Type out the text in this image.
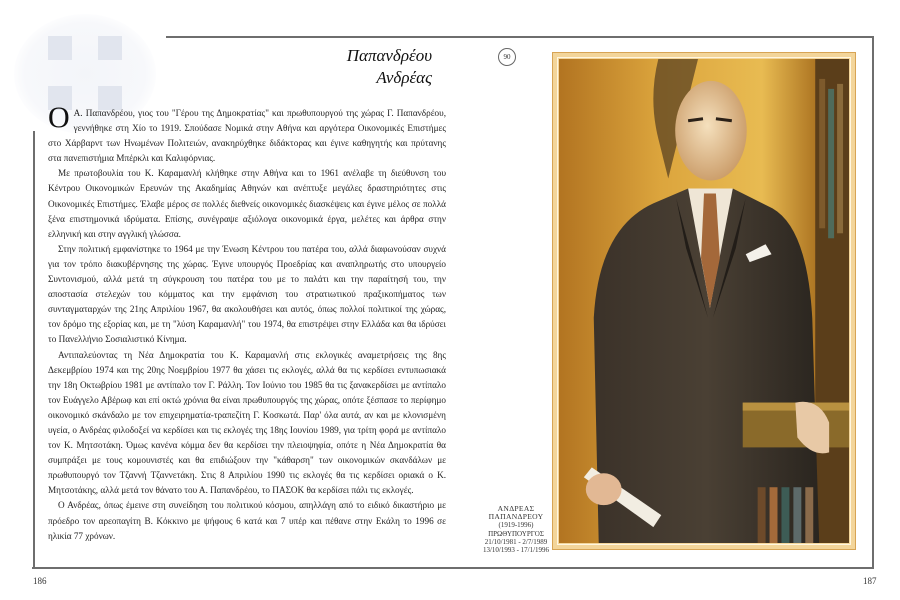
Παπανδρέου
Ανδρέας

Ο Α. Παπανδρέου, γιος του "Γέρου της Δημοκρατίας" και πρωθυπουργού της χώρας Γ. Παπανδρέου, γεννήθηκε στη Χίο το 1919. Σπούδασε Νομικά στην Αθήνα και αργότερα Οικονομικές Επιστήμες στο Χάρβαρντ των Ηνωμένων Πολιτειών, ανακηρύχθηκε διδάκτορας και έγινε καθηγητής και πρύτανης στα πανεπιστήμια Μπέρκλι και Καλιφόρνιας.

Με πρωτοβουλία του Κ. Καραμανλή κλήθηκε στην Αθήνα και το 1961 ανέλαβε τη διεύθυνση του Κέντρου Οικονομικών Ερευνών της Ακαδημίας Αθηνών και ανέπτυξε μεγάλες δραστηριότητες στις Οικονομικές Επιστήμες. Έλαβε μέρος σε πολλές διεθνείς οικονομικές διασκέψεις και έγινε μέλος σε πολλά ξένα επιστημονικά ιδρύματα. Επίσης, συνέγραψε αξιόλογα οικονομικά έργα, μελέτες και άρθρα στην ελληνική και στην αγγλική γλώσσα.

Στην πολιτική εμφανίστηκε το 1964 με την Ένωση Κέντρου του πατέρα του, αλλά διαφωνούσαν συχνά για τον τρόπο διακυβέρνησης της χώρας. Έγινε υπουργός Προεδρίας και αναπληρωτής στο υπουργείο Συντονισμού, αλλά μετά τη σύγκρουση του πατέρα του με το παλάτι και την παραίτησή του, την αποστασία στελεχών του κόμματος και την εμφάνιση του στρατιωτικού πραξικοπήματος των συνταγματαρχών της 21ης Απριλίου 1967, θα ακολουθήσει και αυτός, όπως πολλοί πολιτικοί της χώρας, τον δρόμο της εξορίας και, με τη "λύση Καραμανλή" του 1974, θα επιστρέψει στην Ελλάδα και θα ιδρύσει το Πανελλήνιο Σοσιαλιστικό Κίνημα.

Αντιπαλεύοντας τη Νέα Δημοκρατία του Κ. Καραμανλή στις εκλογικές αναμετρήσεις της 8ης Δεκεμβρίου 1974 και της 20ης Νοεμβρίου 1977 θα χάσει τις εκλογές, αλλά θα τις κερδίσει εντυπωσιακά την 18η Οκτωβρίου 1981 με αντίπαλο τον Γ. Ράλλη. Τον Ιούνιο του 1985 θα τις ξανακερδίσει με αντίπαλο τον Ευάγγελο Αβέρωφ και επί οκτώ χρόνια θα είναι πρωθυπουργός της χώρας, οπότε ξέσπασε το περίφημο οικονομικό σκάνδαλο με τον επιχειρηματία-τραπεζίτη Γ. Κοσκωτά. Παρ' όλα αυτά, αν και με κλονισμένη υγεία, ο Ανδρέας φιλοδοξεί να κερδίσει και τις εκλογές της 18ης Ιουνίου 1989, για τρίτη φορά με αντίπαλο τον Κ. Μητσοτάκη. Όμως κανένα κόμμα δεν θα κερδίσει την πλειοψηφία, οπότε η Νέα Δημοκρατία θα συμπράξει με τους κομουνιστές και θα επιδιώξουν την "κάθαρση" των οικονομικών σκανδάλων με πρωθυπουργό τον Τζαννή Τζαννετάκη. Στις 8 Απριλίου 1990 τις εκλογές θα τις κερδίσει οριακά ο Κ. Μητσοτάκης, αλλά μετά τον θάνατο του Α. Παπανδρέου, το ΠΑΣΟΚ θα κερδίσει πάλι τις εκλογές.

Ο Ανδρέας, όπως έμεινε στη συνείδηση του πολιτικού κόσμου, απηλλάγη από το ειδικό δικαστήριο με πρόεδρο τον αρεοπαγίτη Β. Κόκκινο με ψήφους 6 κατά και 7 υπέρ και πέθανε στην Εκάλη το 1996 σε ηλικία 77 χρόνων.

90
ΑΝΔΡΕΑΣ
ΠΑΠΑΝΔΡΕΟΥ
(1919-1996)
ΠΡΩΘΥΠΟΥΡΓΟΣ
21/10/1981 - 2/7/1989
13/10/1993 - 17/1/1996
186	187
